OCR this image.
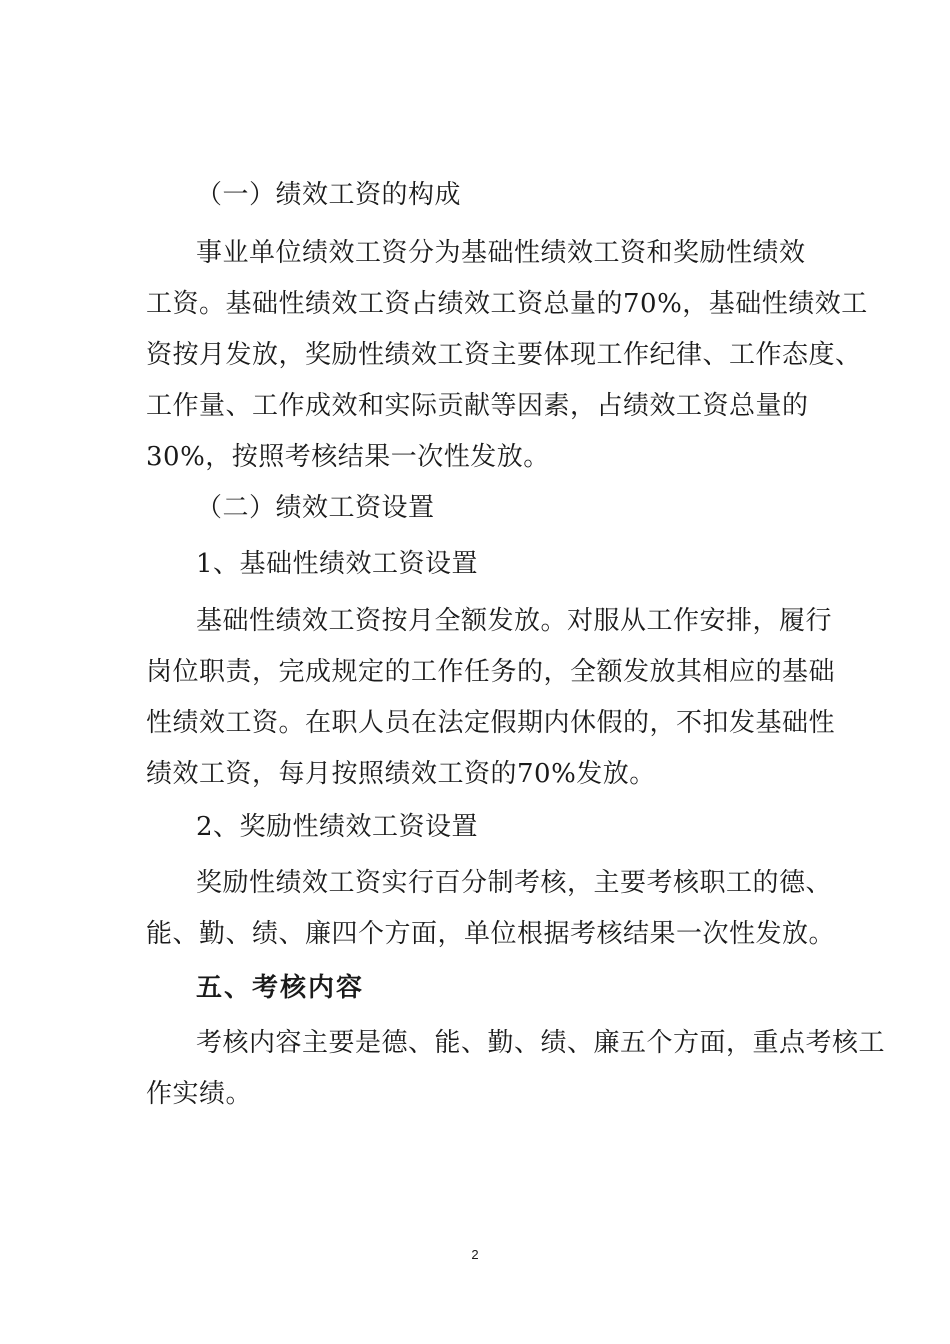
（一）绩效工资的构成
事业单位绩效工资分为基础性绩效工资和奖励性绩效
工资。基础性绩效工资占绩效工资总量的70%，基础性绩效工
资按月发放，奖励性绩效工资主要体现工作纪律、工作态度、
工作量、工作成效和实际贡献等因素，占绩效工资总量的
30%，按照考核结果一次性发放。
（二）绩效工资设置
1、基础性绩效工资设置
基础性绩效工资按月全额发放。对服从工作安排，履行
岗位职责，完成规定的工作任务的，全额发放其相应的基础
性绩效工资。在职人员在法定假期内休假的，不扣发基础性
绩效工资，每月按照绩效工资的70%发放。
2、奖励性绩效工资设置
奖励性绩效工资实行百分制考核，主要考核职工的德、
能、勤、绩、廉四个方面，单位根据考核结果一次性发放。
五、考核内容
考核内容主要是德、能、勤、绩、廉五个方面，重点考核工
作实绩。
2
